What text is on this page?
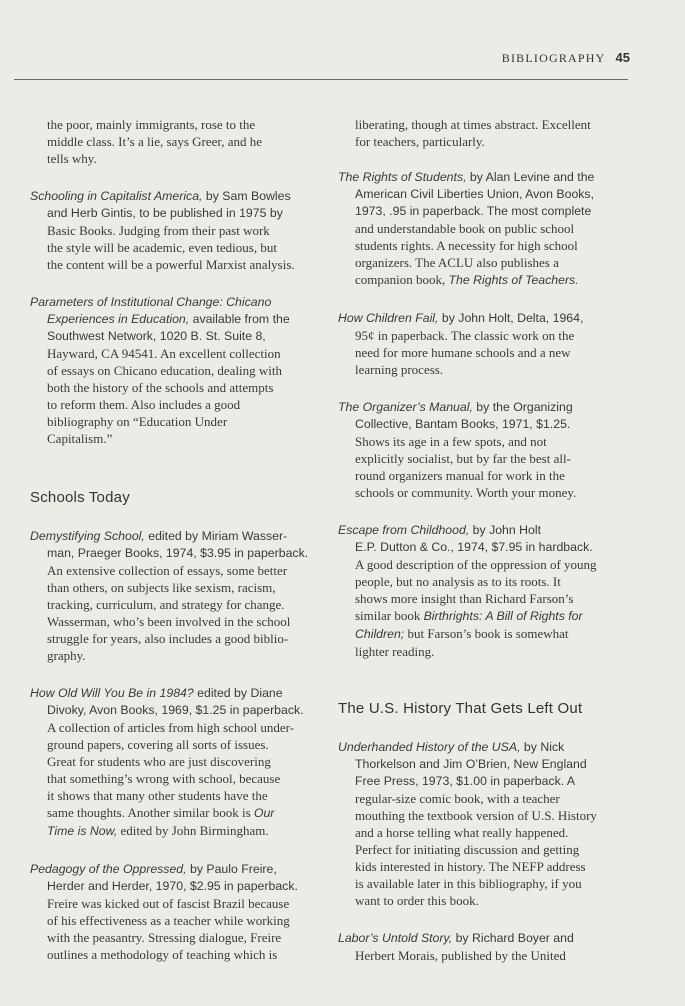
BIBLIOGRAPHY 45
the poor, mainly immigrants, rose to the
middle class. It’s a lie, says Greer, and he
tells why.
Schooling in Capitalist America, by Sam Bowles
and Herb Gintis, to be published in 1975 by
Basic Books. Judging from their past work
the style will be academic, even tedious, but
the content will be a powerful Marxist analysis.
Parameters of Institutional Change: Chicano
Experiences in Education, available from the
Southwest Network, 1020 B. St. Suite 8,
Hayward, CA 94541. An excellent collection
of essays on Chicano education, dealing with
both the history of the schools and attempts
to reform them. Also includes a good
bibliography on “Education Under
Capitalism.”
Schools Today
Demystifying School, edited by Miriam Wasser-
man, Praeger Books, 1974, $3.95 in paperback.
An extensive collection of essays, some better
than others, on subjects like sexism, racism,
tracking, curriculum, and strategy for change.
Wasserman, who’s been involved in the school
struggle for years, also includes a good biblio-
graphy.
How Old Will You Be in 1984? edited by Diane
Divoky, Avon Books, 1969, $1.25 in paperback.
A collection of articles from high school under-
ground papers, covering all sorts of issues.
Great for students who are just discovering
that something’s wrong with school, because
it shows that many other students have the
same thoughts. Another similar book is Our
Time is Now, edited by John Birmingham.
Pedagogy of the Oppressed, by Paulo Freire,
Herder and Herder, 1970, $2.95 in paperback.
Freire was kicked out of fascist Brazil because
of his effectiveness as a teacher while working
with the peasantry. Stressing dialogue, Freire
outlines a methodology of teaching which is
liberating, though at times abstract. Excellent
for teachers, particularly.
The Rights of Students, by Alan Levine and the
American Civil Liberties Union, Avon Books,
1973, .95 in paperback. The most complete
and understandable book on public school
students rights. A necessity for high school
organizers. The ACLU also publishes a
companion book, The Rights of Teachers.
How Children Fail, by John Holt, Delta, 1964,
95¢ in paperback. The classic work on the
need for more humane schools and a new
learning process.
The Organizer’s Manual, by the Organizing
Collective, Bantam Books, 1971, $1.25.
Shows its age in a few spots, and not
explicitly socialist, but by far the best all-
round organizers manual for work in the
schools or community. Worth your money.
Escape from Childhood, by John Holt
E.P. Dutton & Co., 1974, $7.95 in hardback.
A good description of the oppression of young
people, but no analysis as to its roots. It
shows more insight than Richard Farson’s
similar book Birthrights: A Bill of Rights for
Children; but Farson’s book is somewhat
lighter reading.
The U.S. History That Gets Left Out
Underhanded History of the USA, by Nick
Thorkelson and Jim O’Brien, New England
Free Press, 1973, $1.00 in paperback. A
regular-size comic book, with a teacher
mouthing the textbook version of U.S. History
and a horse telling what really happened.
Perfect for initiating discussion and getting
kids interested in history. The NEFP address
is available later in this bibliography, if you
want to order this book.
Labor’s Untold Story, by Richard Boyer and
Herbert Morais, published by the United
